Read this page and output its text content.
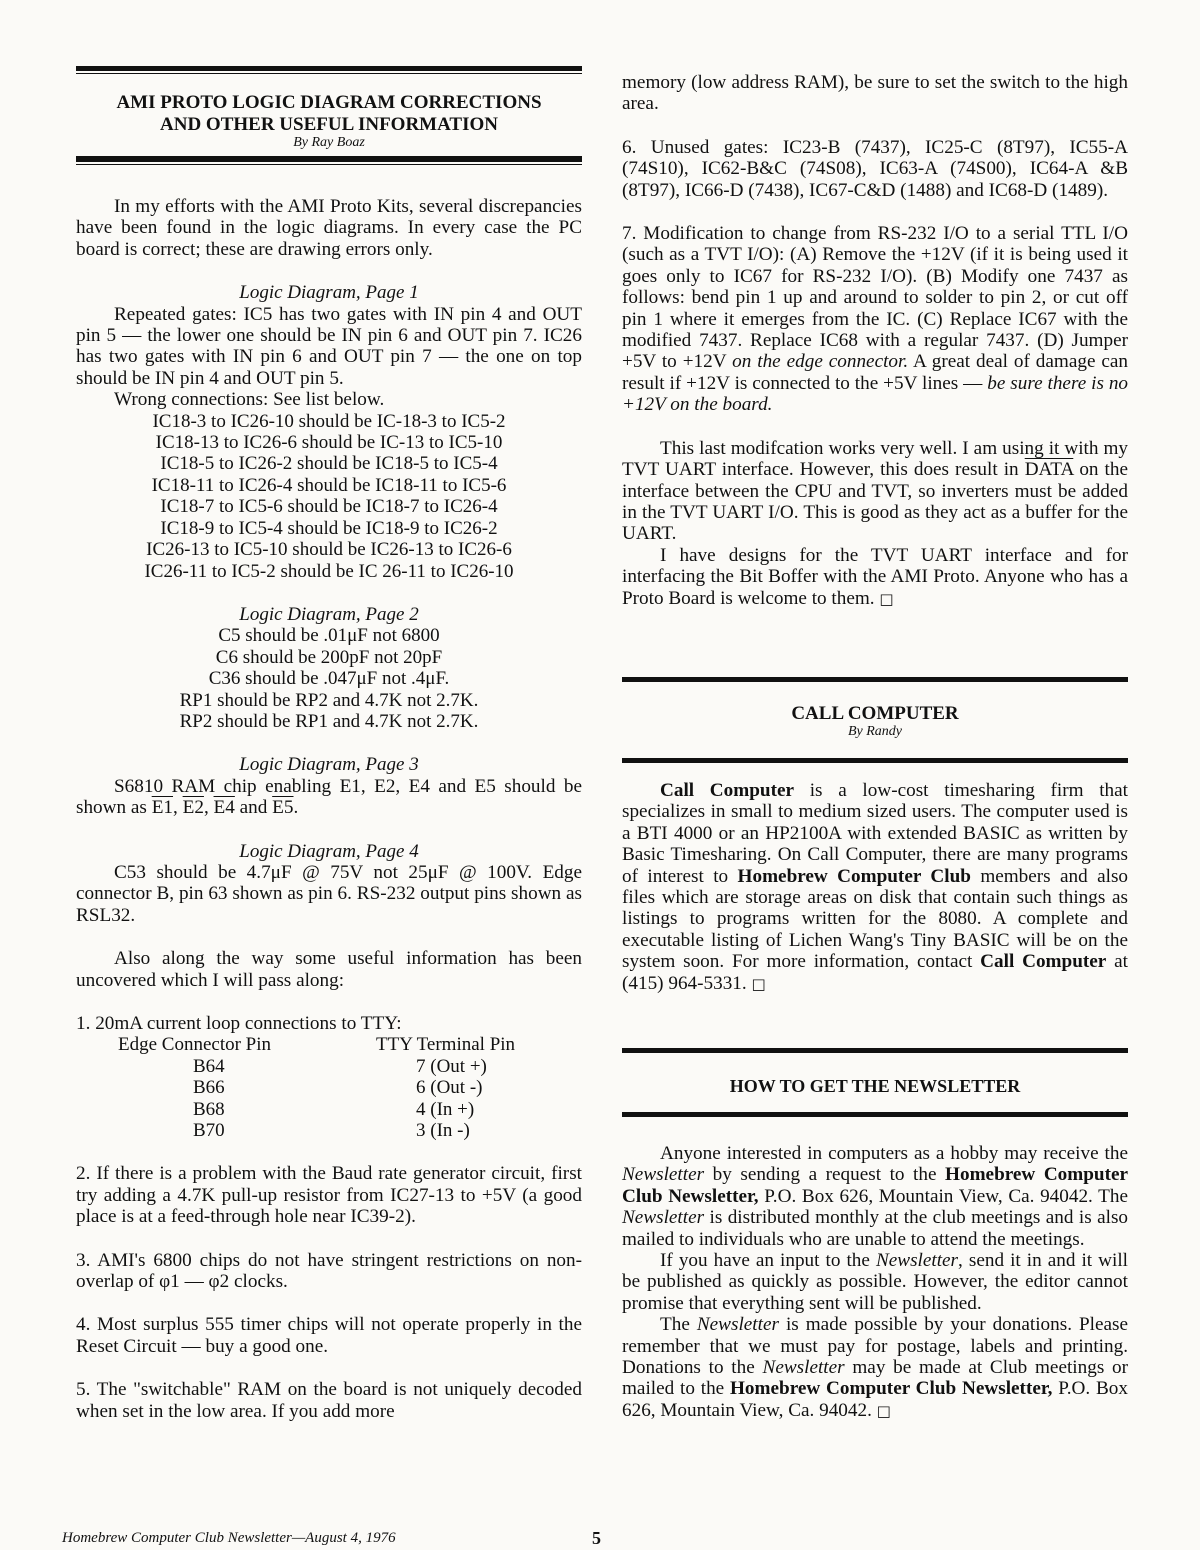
AMI PROTO LOGIC DIAGRAM CORRECTIONS
AND OTHER USEFUL INFORMATION
By Ray Boaz

In my efforts with the AMI Proto Kits, several discrepancies have been found in the logic diagrams. In every case the PC board is correct; these are drawing errors only.

Logic Diagram, Page 1

Repeated gates: IC5 has two gates with IN pin 4 and OUT pin 5 — the lower one should be IN pin 6 and OUT pin 7. IC26 has two gates with IN pin 6 and OUT pin 7 — the one on top should be IN pin 4 and OUT pin 5.

Wrong connections: See list below.

IC18-3 to IC26-10 should be IC-18-3 to IC5-2

IC18-13 to IC26-6 should be IC-13 to IC5-10

IC18-5 to IC26-2 should be IC18-5 to IC5-4

IC18-11 to IC26-4 should be IC18-11 to IC5-6

IC18-7 to IC5-6 should be IC18-7 to IC26-4

IC18-9 to IC5-4 should be IC18-9 to IC26-2

IC26-13 to IC5-10 should be IC26-13 to IC26-6

IC26-11 to IC5-2 should be IC 26-11 to IC26-10

Logic Diagram, Page 2

C5 should be .01μF not 6800

C6 should be 200pF not 20pF

C36 should be .047μF not .4μF.

RP1 should be RP2 and 4.7K not 2.7K.

RP2 should be RP1 and 4.7K not 2.7K.

Logic Diagram, Page 3

S6810 RAM chip enabling E1, E2, E4 and E5 should be shown as E1, E2, E4 and E5.

Logic Diagram, Page 4

C53 should be 4.7μF @ 75V not 25μF @ 100V. Edge connector B, pin 63 shown as pin 6. RS-232 output pins shown as RSL32.

Also along the way some useful information has been uncovered which I will pass along:

1. 20mA current loop connections to TTY:

Edge Connector Pin	TTY Terminal Pin
B64	7 (Out +)
B66	6 (Out -)
B68	4 (In +)
B70	3 (In -)

2. If there is a problem with the Baud rate generator circuit, first try adding a 4.7K pull-up resistor from IC27-13 to +5V (a good place is at a feed-through hole near IC39-2).

3. AMI's 6800 chips do not have stringent restrictions on non-overlap of φ1 — φ2 clocks.

4. Most surplus 555 timer chips will not operate properly in the Reset Circuit — buy a good one.

5. The "switchable" RAM on the board is not uniquely decoded when set in the low area. If you add more

memory (low address RAM), be sure to set the switch to the high area.

6. Unused gates: IC23-B (7437), IC25-C (8T97), IC55-A (74S10), IC62-B&C (74S08), IC63-A (74S00), IC64-A &B (8T97), IC66-D (7438), IC67-C&D (1488) and IC68-D (1489).

7. Modification to change from RS-232 I/O to a serial TTL I/O (such as a TVT I/O): (A) Remove the +12V (if it is being used it goes only to IC67 for RS-232 I/O). (B) Modify one 7437 as follows: bend pin 1 up and around to solder to pin 2, or cut off pin 1 where it emerges from the IC. (C) Replace IC67 with the modified 7437. Replace IC68 with a regular 7437. (D) Jumper +5V to +12V on the edge connector. A great deal of damage can result if +12V is connected to the +5V lines — be sure there is no +12V on the board.

This last modifcation works very well. I am using it with my TVT UART interface. However, this does result in DATA on the interface between the CPU and TVT, so inverters must be added in the TVT UART I/O. This is good as they act as a buffer for the UART.

I have designs for the TVT UART interface and for interfacing the Bit Boffer with the AMI Proto. Anyone who has a Proto Board is welcome to them. □

CALL COMPUTER
By Randy

Call Computer is a low-cost timesharing firm that specializes in small to medium sized users. The computer used is a BTI 4000 or an HP2100A with extended BASIC as written by Basic Timesharing. On Call Computer, there are many programs of interest to Homebrew Computer Club members and also files which are storage areas on disk that contain such things as listings to programs written for the 8080. A complete and executable listing of Lichen Wang's Tiny BASIC will be on the system soon. For more information, contact Call Computer at (415) 964-5331. □

HOW TO GET THE NEWSLETTER

Anyone interested in computers as a hobby may receive the Newsletter by sending a request to the Homebrew Computer Club Newsletter, P.O. Box 626, Mountain View, Ca. 94042. The Newsletter is distributed monthly at the club meetings and is also mailed to individuals who are unable to attend the meetings.

If you have an input to the Newsletter, send it in and it will be published as quickly as possible. However, the editor cannot promise that everything sent will be published.

The Newsletter is made possible by your donations. Please remember that we must pay for postage, labels and printing. Donations to the Newsletter may be made at Club meetings or mailed to the Homebrew Computer Club Newsletter, P.O. Box 626, Mountain View, Ca. 94042. □

Homebrew Computer Club Newsletter—August 4, 1976	5
